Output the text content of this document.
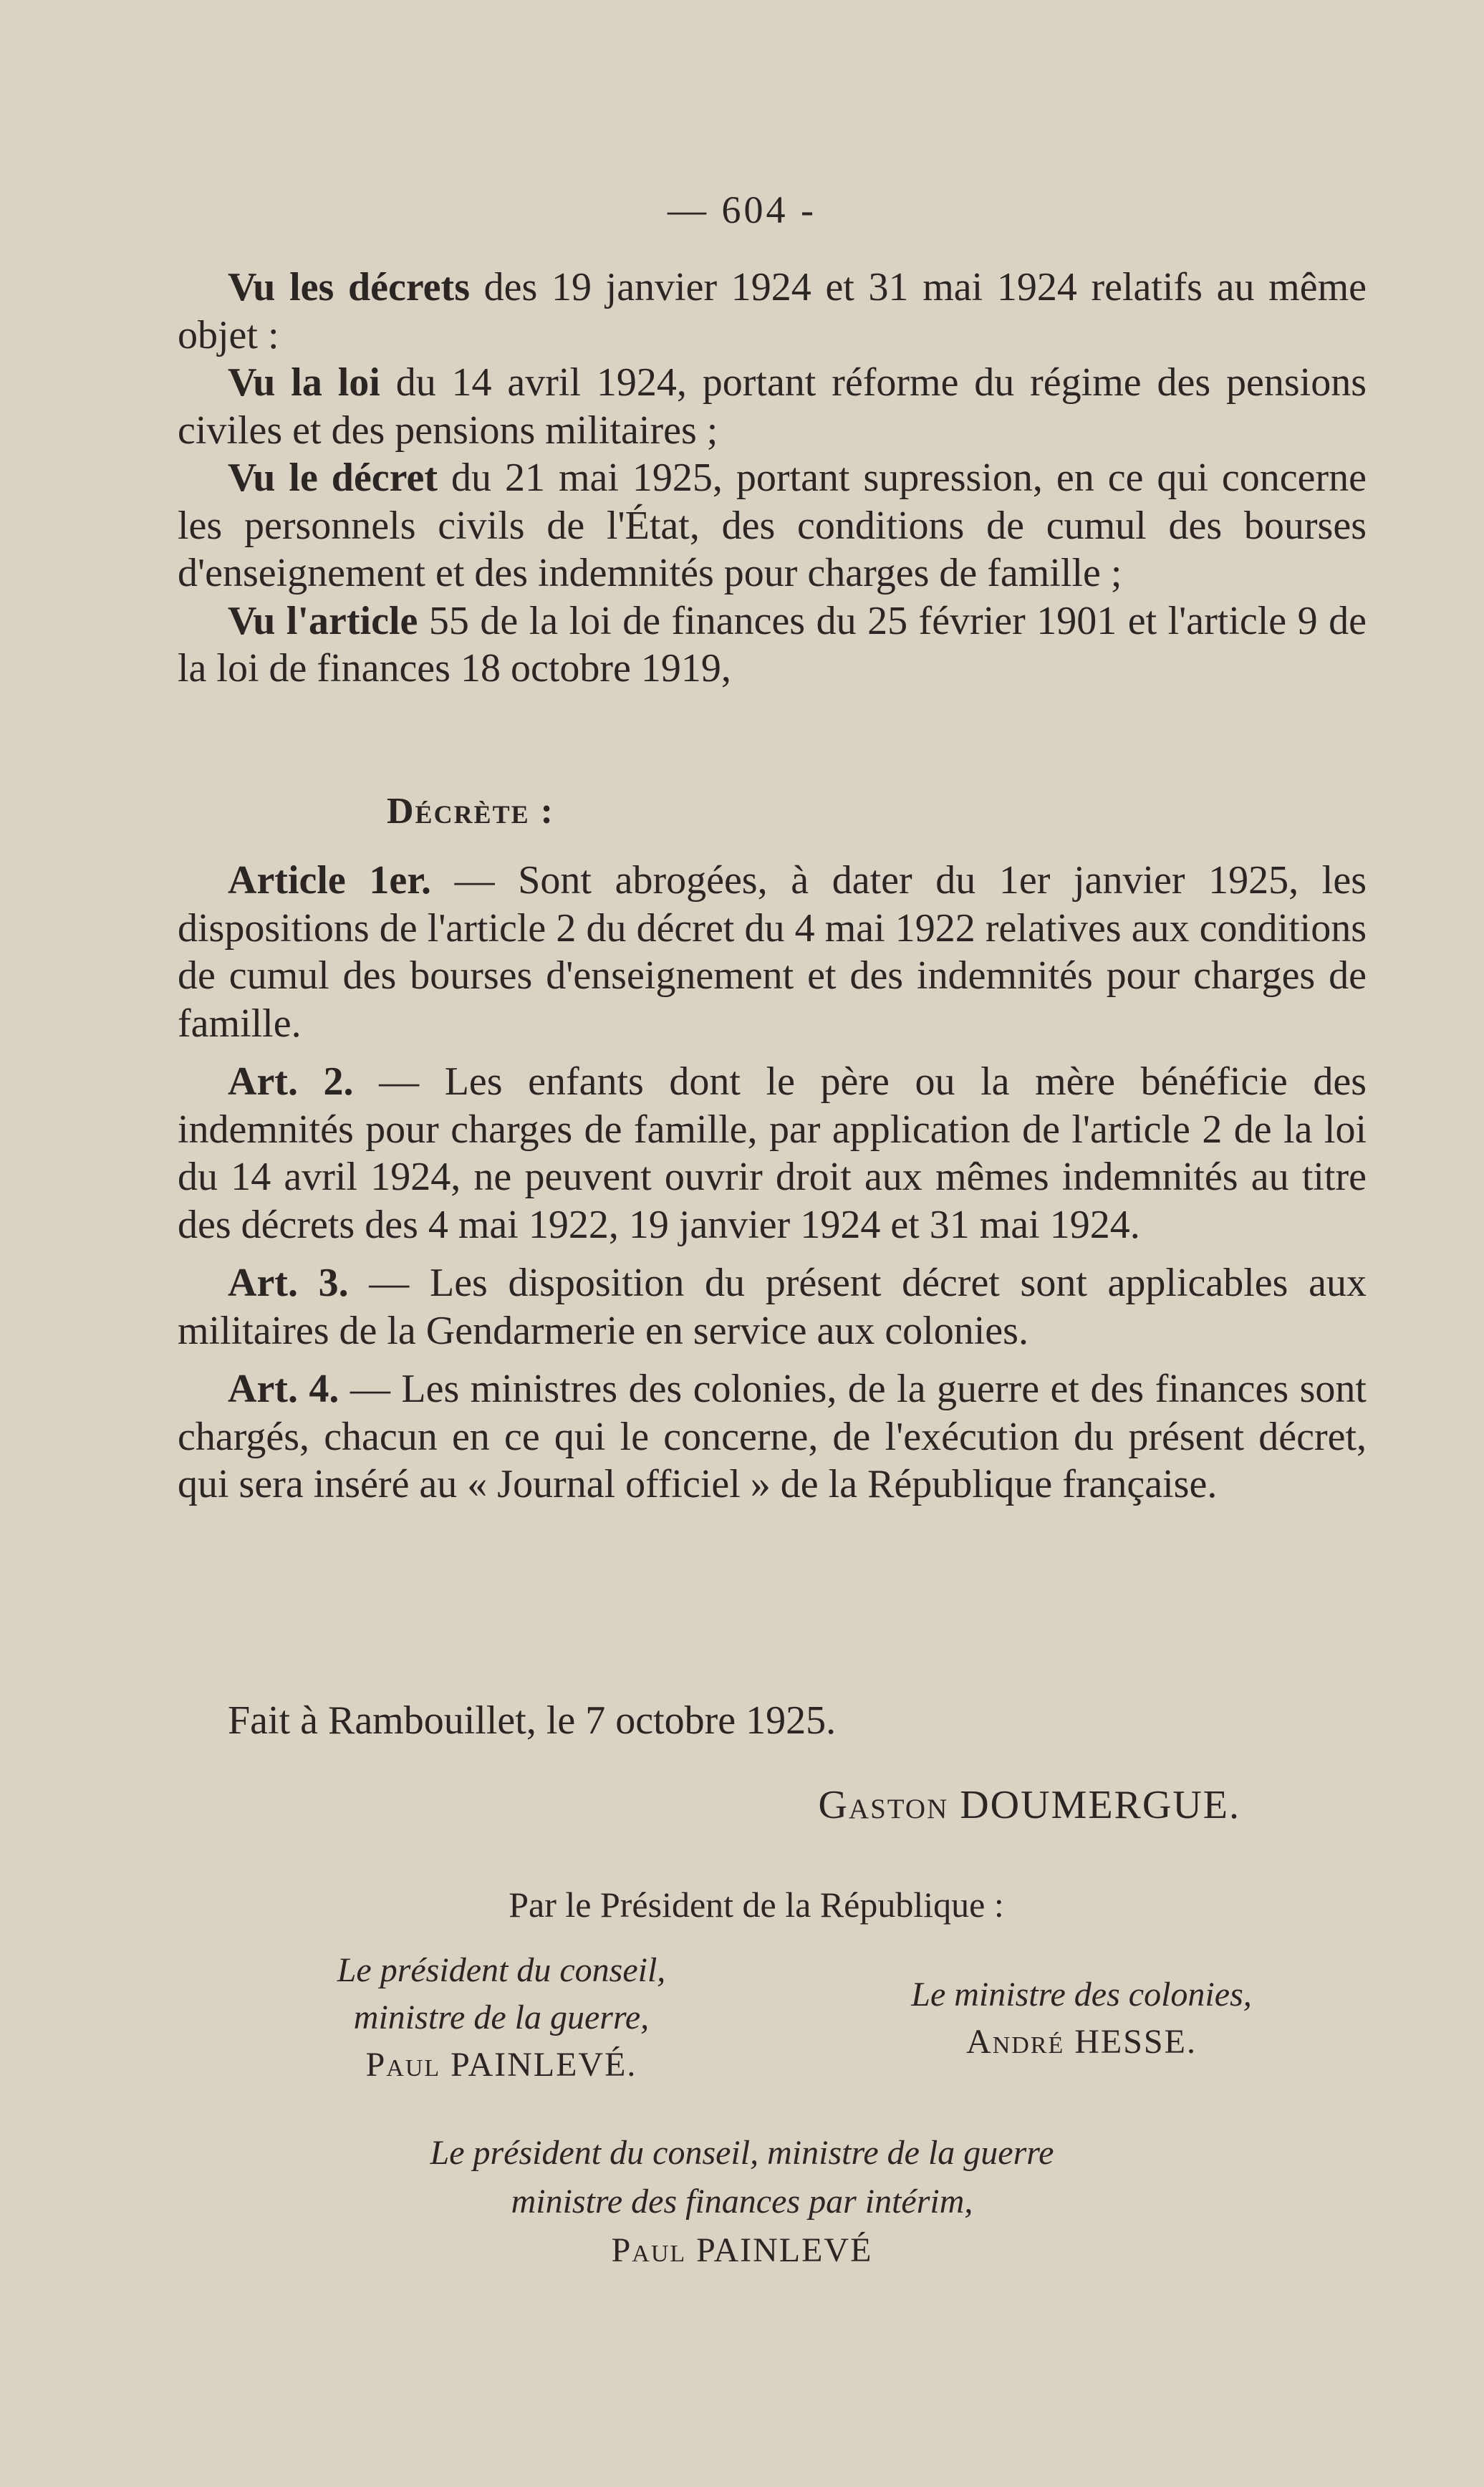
— 604 -

Vu les décrets des 19 janvier 1924 et 31 mai 1924 relatifs au même objet :

Vu la loi du 14 avril 1924, portant réforme du régime des pensions civiles et des pensions militaires ;

Vu le décret du 21 mai 1925, portant supression, en ce qui concerne les personnels civils de l'État, des conditions de cumul des bourses d'enseignement et des indemnités pour charges de famille ;

Vu l'article 55 de la loi de finances du 25 février 1901 et l'article 9 de la loi de finances 18 octobre 1919,

Décrète :

Article 1er. — Sont abrogées, à dater du 1er janvier 1925, les dispositions de l'article 2 du décret du 4 mai 1922 relatives aux conditions de cumul des bourses d'enseignement et des indemnités pour charges de famille.

Art. 2. — Les enfants dont le père ou la mère bénéficie des indemnités pour charges de famille, par application de l'article 2 de la loi du 14 avril 1924, ne peuvent ouvrir droit aux mêmes indemnités au titre des décrets des 4 mai 1922, 19 janvier 1924 et 31 mai 1924.

Art. 3. — Les disposition du présent décret sont applicables aux militaires de la Gendarmerie en service aux colonies.

Art. 4. — Les ministres des colonies, de la guerre et des finances sont chargés, chacun en ce qui le concerne, de l'exécution du présent décret, qui sera inséré au « Journal officiel » de la République française.

Fait à Rambouillet, le 7 octobre 1925.
Gaston DOUMERGUE.
Par le Président de la République :
Le président du conseil,
ministre de la guerre,
Paul PAINLEVÉ.
Le ministre des colonies,
André HESSE.
Le président du conseil, ministre de la guerre
ministre des finances par intérim,
Paul PAINLEVÉ
